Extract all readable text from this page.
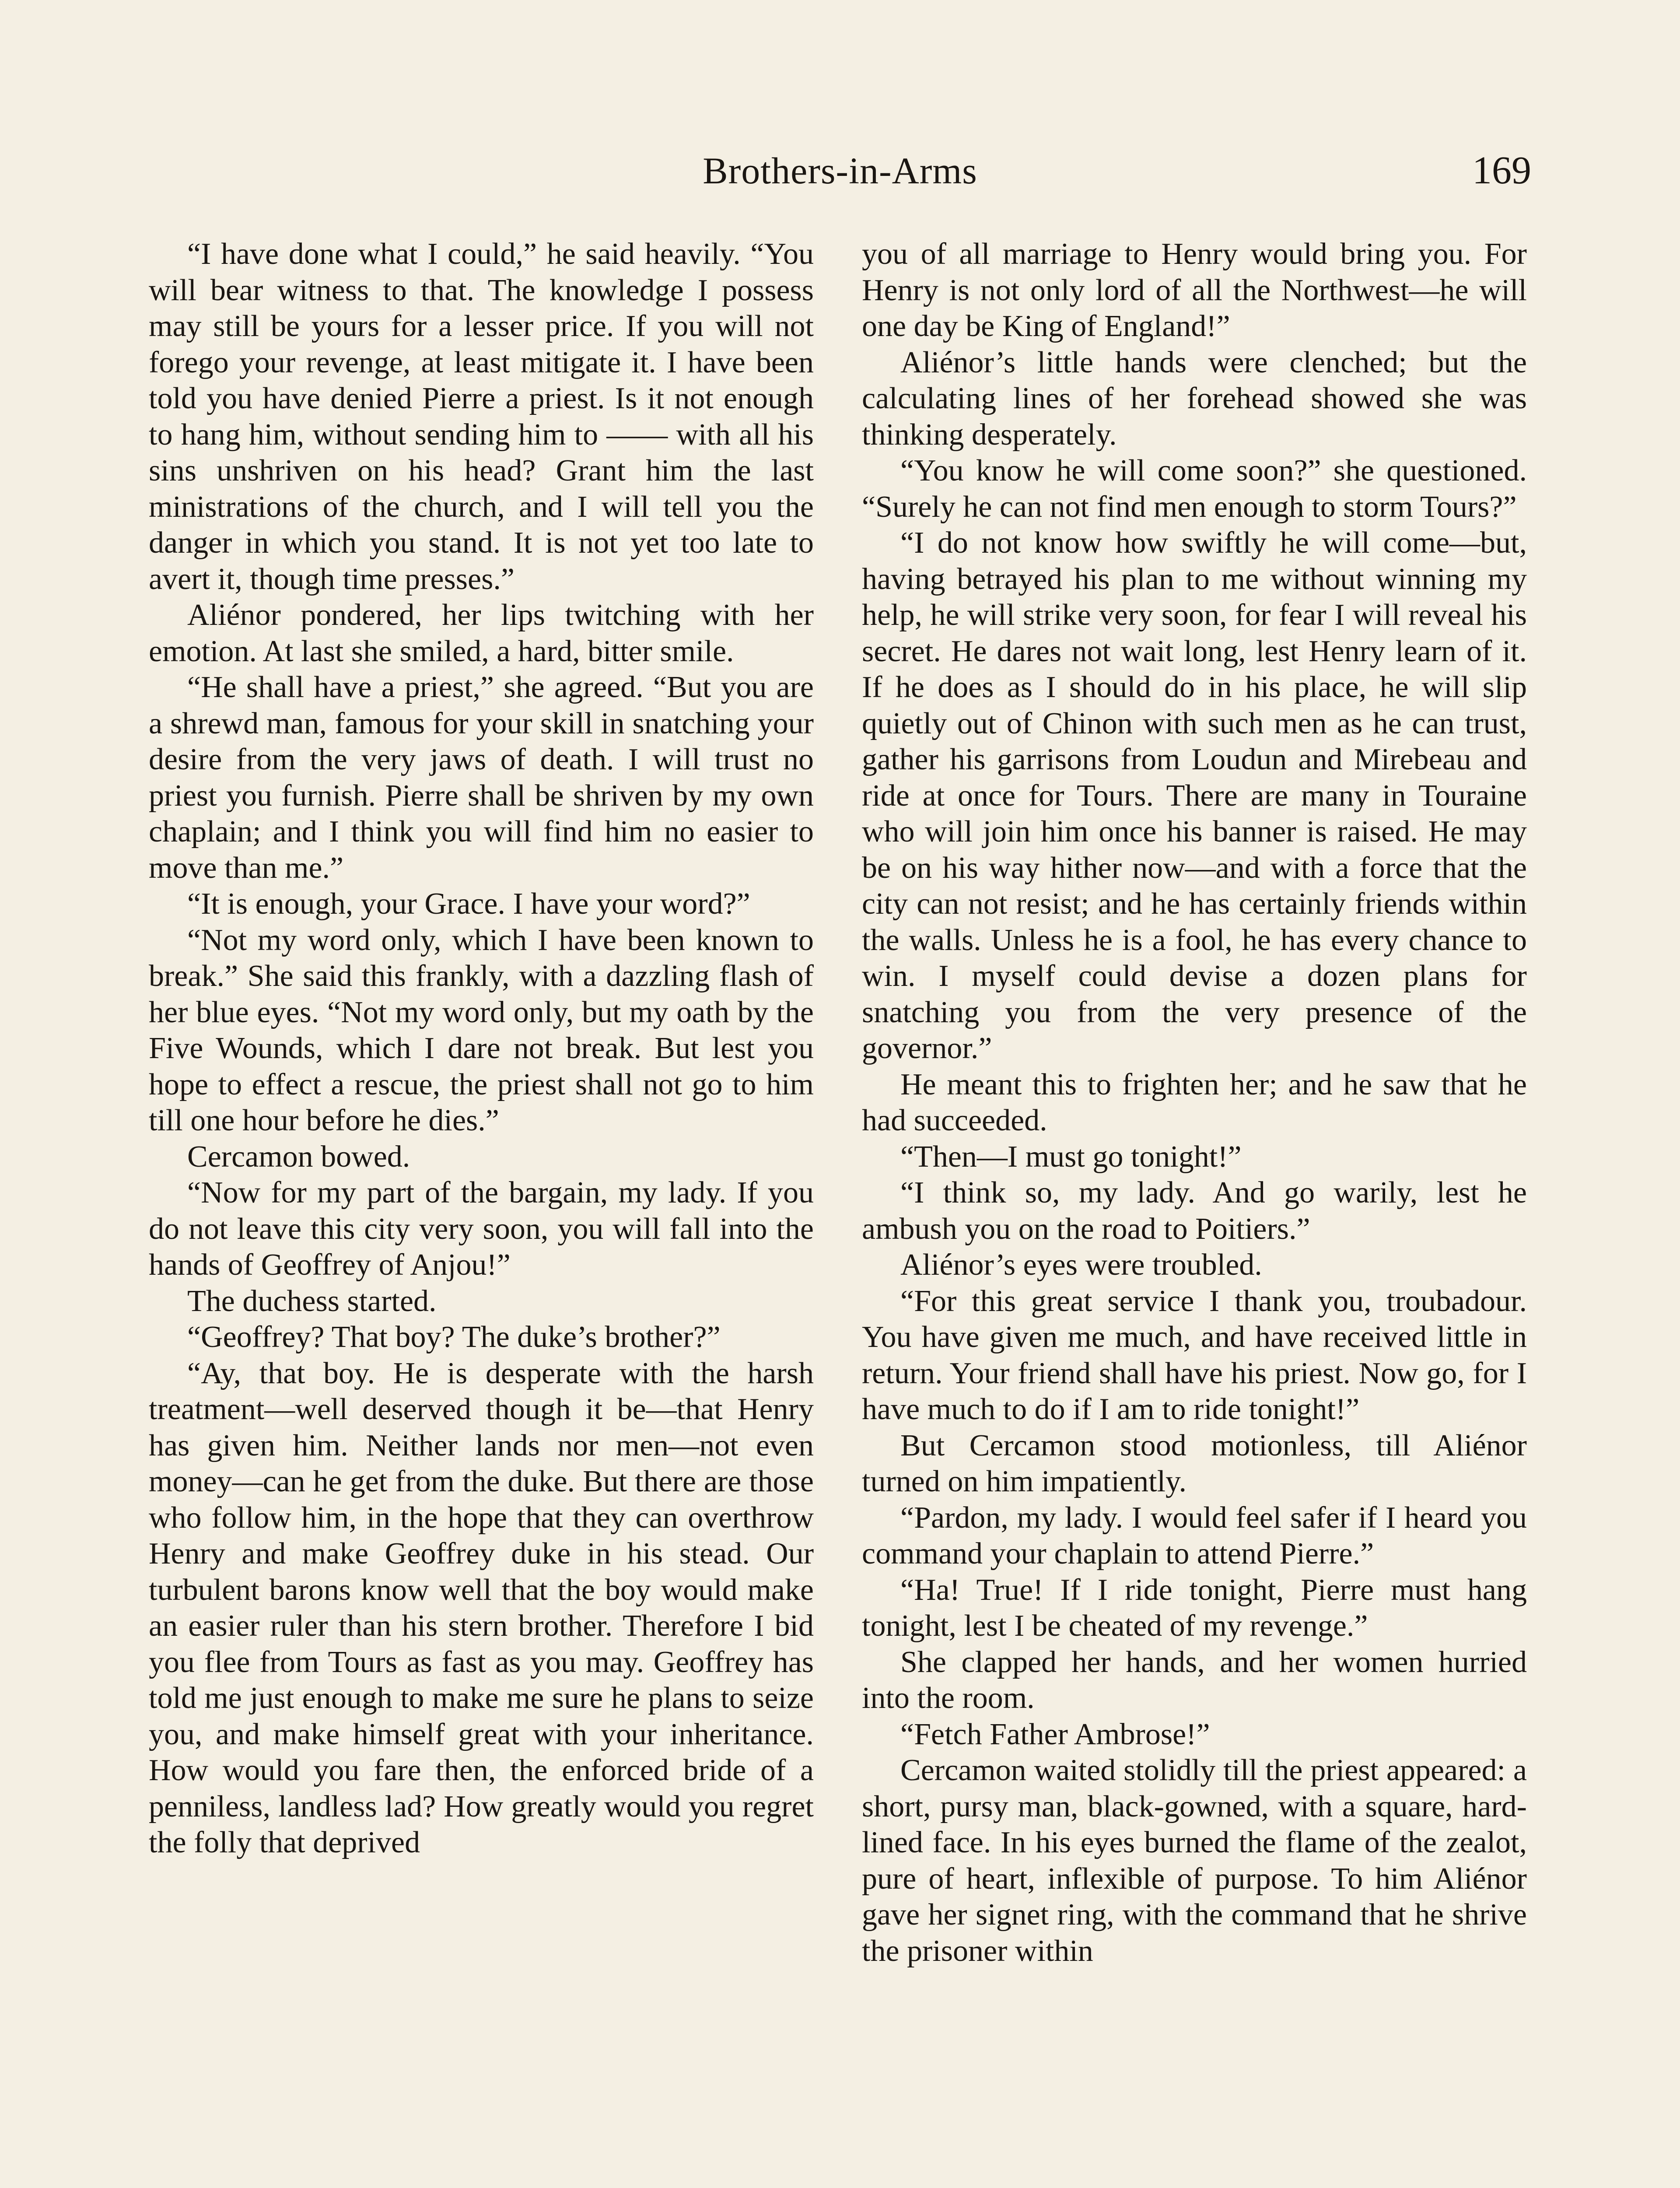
Brothers-in-Arms	169

“I have done what I could,” he said heavily. “You will bear witness to that. The knowledge I possess may still be yours for a lesser price. If you will not forego your revenge, at least mitigate it. I have been told you have denied Pierre a priest. Is it not enough to hang him, without sending him to —— with all his sins unshriven on his head? Grant him the last ministrations of the church, and I will tell you the danger in which you stand. It is not yet too late to avert it, though time presses.”

Aliénor pondered, her lips twitching with her emotion. At last she smiled, a hard, bitter smile.

“He shall have a priest,” she agreed. “But you are a shrewd man, famous for your skill in snatching your desire from the very jaws of death. I will trust no priest you furnish. Pierre shall be shriven by my own chaplain; and I think you will find him no easier to move than me.”

“It is enough, your Grace. I have your word?”

“Not my word only, which I have been known to break.” She said this frankly, with a dazzling flash of her blue eyes. “Not my word only, but my oath by the Five Wounds, which I dare not break. But lest you hope to effect a rescue, the priest shall not go to him till one hour before he dies.”

Cercamon bowed.

“Now for my part of the bargain, my lady. If you do not leave this city very soon, you will fall into the hands of Geoffrey of Anjou!”

The duchess started.

“Geoffrey? That boy? The duke’s brother?”

“Ay, that boy. He is desperate with the harsh treatment—well deserved though it be—that Henry has given him. Neither lands nor men—not even money—can he get from the duke. But there are those who follow him, in the hope that they can overthrow Henry and make Geoffrey duke in his stead. Our turbulent barons know well that the boy would make an easier ruler than his stern brother. Therefore I bid you flee from Tours as fast as you may. Geoffrey has told me just enough to make me sure he plans to seize you, and make himself great with your inheritance. How would you fare then, the enforced bride of a penniless, landless lad? How greatly would you regret the folly that deprived

you of all marriage to Henry would bring you. For Henry is not only lord of all the Northwest—he will one day be King of England!”

Aliénor’s little hands were clenched; but the calculating lines of her forehead showed she was thinking desperately.

“You know he will come soon?” she questioned. “Surely he can not find men enough to storm Tours?”

“I do not know how swiftly he will come—but, having betrayed his plan to me without winning my help, he will strike very soon, for fear I will reveal his secret. He dares not wait long, lest Henry learn of it. If he does as I should do in his place, he will slip quietly out of Chinon with such men as he can trust, gather his garrisons from Loudun and Mirebeau and ride at once for Tours. There are many in Touraine who will join him once his banner is raised. He may be on his way hither now—and with a force that the city can not resist; and he has certainly friends within the walls. Unless he is a fool, he has every chance to win. I myself could devise a dozen plans for snatching you from the very presence of the governor.”

He meant this to frighten her; and he saw that he had succeeded.

“Then—I must go tonight!”

“I think so, my lady. And go warily, lest he ambush you on the road to Poitiers.”

Aliénor’s eyes were troubled.

“For this great service I thank you, troubadour. You have given me much, and have received little in return. Your friend shall have his priest. Now go, for I have much to do if I am to ride tonight!”

But Cercamon stood motionless, till Aliénor turned on him impatiently.

“Pardon, my lady. I would feel safer if I heard you command your chaplain to attend Pierre.”

“Ha! True! If I ride tonight, Pierre must hang tonight, lest I be cheated of my revenge.”

She clapped her hands, and her women hurried into the room.

“Fetch Father Ambrose!”

Cercamon waited stolidly till the priest appeared: a short, pursy man, black-gowned, with a square, hard-lined face. In his eyes burned the flame of the zealot, pure of heart, inflexible of purpose. To him Aliénor gave her signet ring, with the command that he shrive the prisoner within
